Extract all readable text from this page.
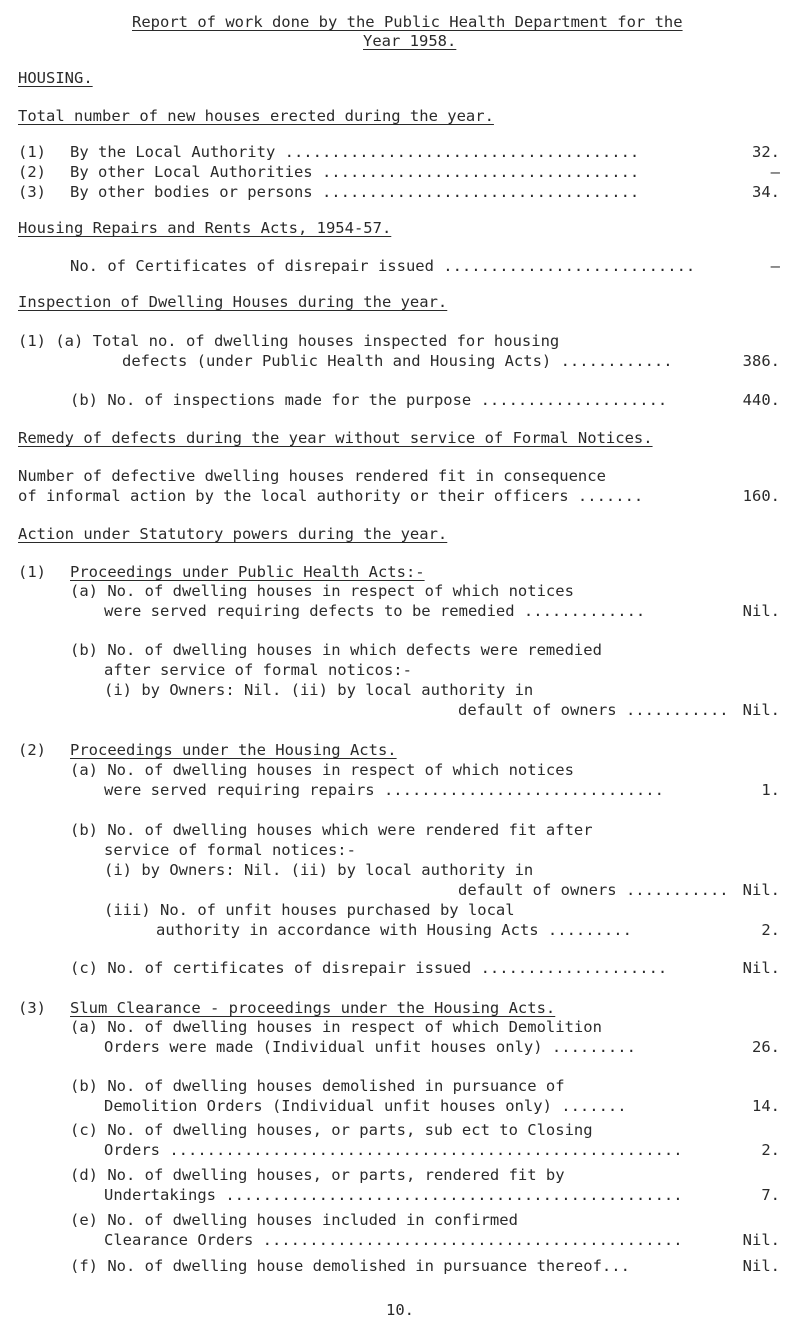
Report of work done by the Public Health Department for the
Year 1958.
HOUSING.
Total number of new houses erected during the year.
(1) By the Local Authority ......................................	32.
(2) By other Local Authorities ..................................	—
(3) By other bodies or persons ..................................	34.
Housing Repairs and Rents Acts, 1954-57.
No. of Certificates of disrepair issued ...........................	—
Inspection of Dwelling Houses during the year.
(1) (a) Total no. of dwelling houses inspected for housing
defects (under Public Health and Housing Acts) ............	386.
(b) No. of inspections made for the purpose ....................	440.
Remedy of defects during the year without service of Formal Notices.
Number of defective dwelling houses rendered fit in consequence
of informal action by the local authority or their officers .......	160.
Action under Statutory powers during the year.
(1) Proceedings under Public Health Acts:-
(a) No. of dwelling houses in respect of which notices
were served requiring defects to be remedied .............	Nil.
(b) No. of dwelling houses in which defects were remedied
after service of formal noticos:-
(i) by Owners: Nil. (ii) by local authority in
default of owners ........... Nil.
(2) Proceedings under the Housing Acts.
(a) No. of dwelling houses in respect of which notices
were served requiring repairs ..............................	1.
(b) No. of dwelling houses which were rendered fit after
service of formal notices:-
(i) by Owners: Nil. (ii) by local authority in
default of owners ........... Nil.
(iii) No. of unfit houses purchased by local
authority in accordance with Housing Acts .........	2.
(c) No. of certificates of disrepair issued ....................	Nil.
(3) Slum Clearance - proceedings under the Housing Acts.
(a) No. of dwelling houses in respect of which Demolition
Orders were made (Individual unfit houses only) .........	26.
(b) No. of dwelling houses demolished in pursuance of
Demolition Orders (Individual unfit houses only) .......	14.
(c) No. of dwelling houses, or parts, sub ect to Closing
Orders .......................................................	2.
(d) No. of dwelling houses, or parts, rendered fit by
Undertakings .................................................	7.
(e) No. of dwelling houses included in confirmed
Clearance Orders .............................................	Nil.
10.
(f) No. of dwelling house demolished in pursuance thereof...	Nil.
